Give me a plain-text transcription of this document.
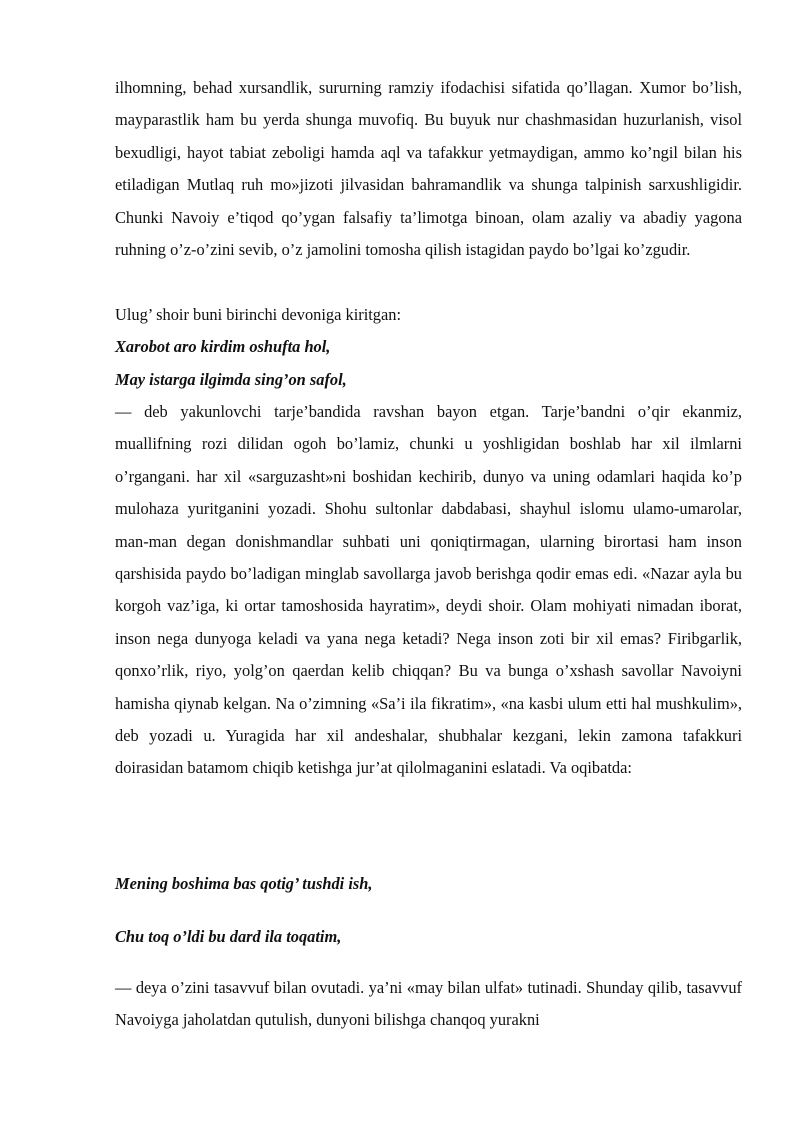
ilhomning, behad xursandlik, sururning ramziy ifodachisi sifatida qo’llagan. Xumor bo’lish, mayparastlik ham bu yerda shunga muvofiq. Bu buyuk nur chashmasidan huzurlanish, visol bexudligi, hayot tabiat zeboligi hamda aql va tafakkur yetmaydigan, ammo ko’ngil bilan his etiladigan Mutlaq ruh mo»jizoti jilvasidan bahramandlik va shunga talpinish sarxushligidir. Chunki Navoiy e’tiqod qo’ygan falsafiy ta’limotga binoan, olam azaliy va abadiy yagona ruhning o’z-o’zini sevib, o’z jamolini tomosha qilish istagidan paydo bo’lgai ko’zgudir.

Ulug’ shoir buni birinchi devoniga kiritgan:

Xarobot aro kirdim oshufta hol,

May istarga ilgimda sing’on safol,

— deb yakunlovchi tarje’bandida ravshan bayon etgan. Tarje’bandni o’qir ekanmiz, muallifning rozi dilidan ogoh bo’lamiz, chunki u yoshligidan boshlab har xil ilmlarni o’rgangani. har xil «sarguzasht»ni boshidan kechirib, dunyo va uning odamlari haqida ko’p mulohaza yuritganini yozadi. Shohu sultonlar dabdabasi, shayhul islomu ulamo-umarolar, man-man degan donishmandlar suhbati uni qoniqtirmagan, ularning birortasi ham inson qarshisida paydo bo’ladigan minglab savollarga javob berishga qodir emas edi. «Nazar ayla bu korgoh vaz’iga, ki ortar tamoshosida hayratim», deydi shoir. Olam mohiyati nimadan iborat, inson nega dunyoga keladi va yana nega ketadi? Nega inson zoti bir xil emas? Firibgarlik, qonxo’rlik, riyo, yolg’on qaerdan kelib chiqqan? Bu va bunga o’xshash savollar Navoiyni hamisha qiynab kelgan. Na o’zimning «Sa’i ila fikratim», «na kasbi ulum etti hal mushkulim», deb yozadi u. Yuragida har xil andeshalar, shubhalar kezgani, lekin zamona tafakkuri doirasidan batamom chiqib ketishga jur’at qilolmaganini eslatadi. Va oqibatda:

Mening boshima bas qotig’ tushdi ish,

Chu toq o’ldi bu dard ila toqatim,

— deya o’zini tasavvuf bilan ovutadi. ya’ni «may bilan ulfat» tutinadi. Shunday qilib, tasavvuf Navoiyga jaholatdan qutulish, dunyoni bilishga chanqoq yurakni
